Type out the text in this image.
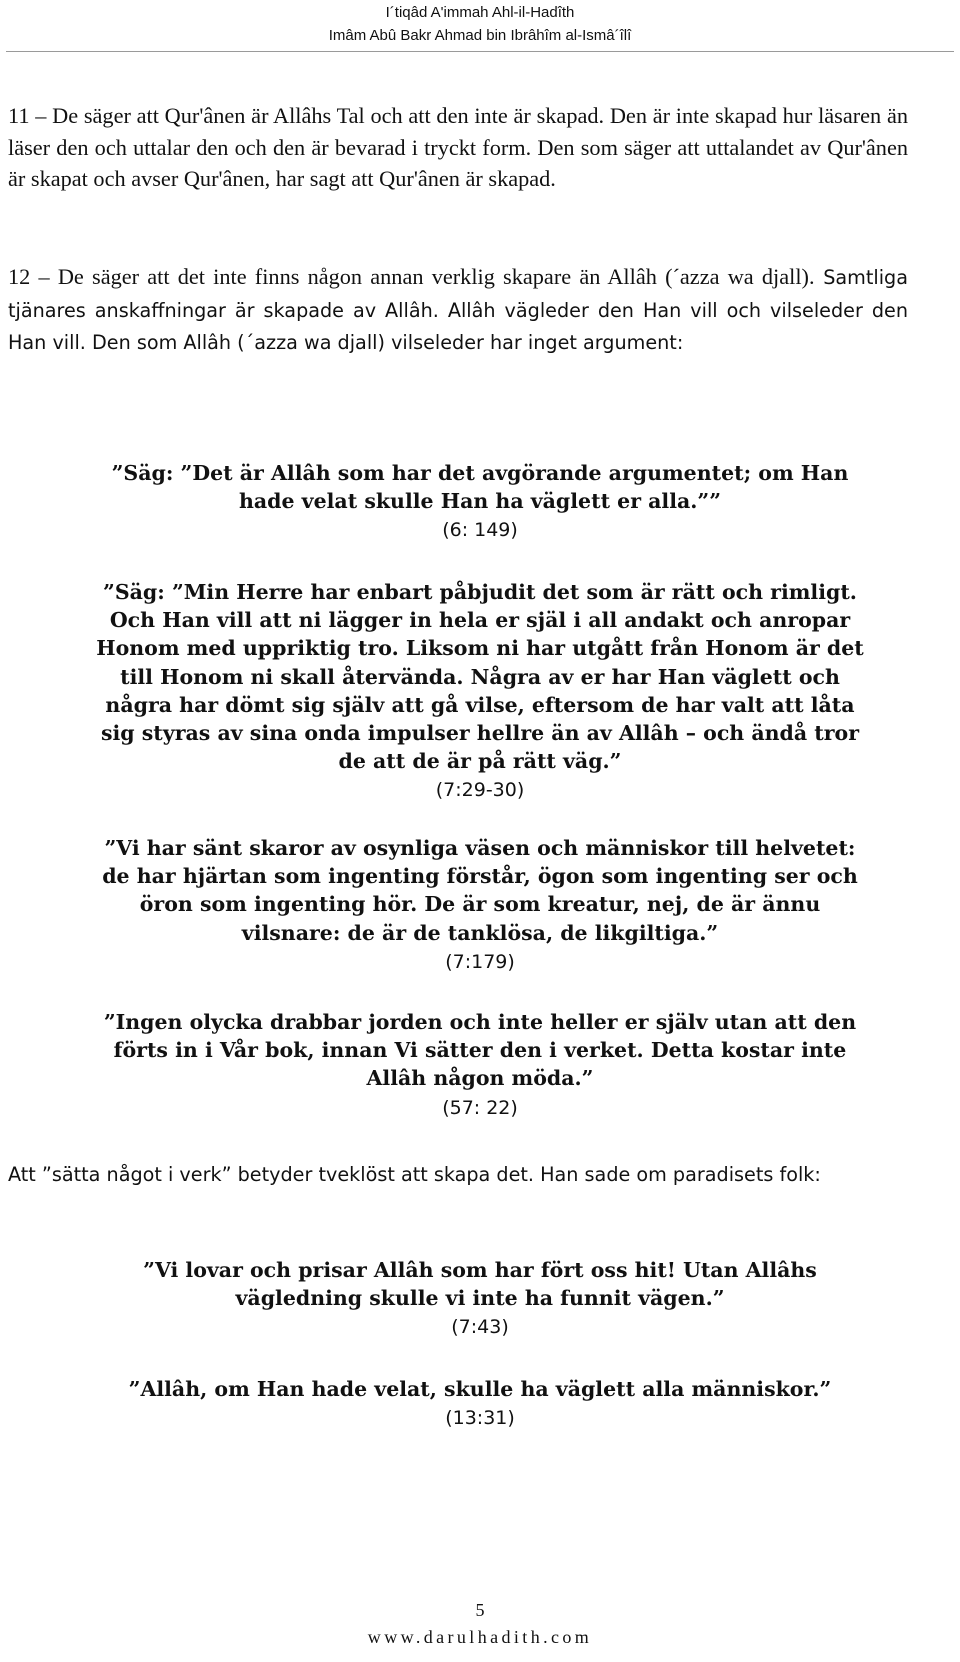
I´tiqâd A'immah Ahl-il-Hadîth
Imâm Abû Bakr Ahmad bin Ibrâhîm al-Ismâ´îlî

11 – De säger att Qur'ânen är Allâhs Tal och att den inte är skapad. Den är inte skapad hur läsaren än läser den och uttalar den och den är bevarad i tryckt form. Den som säger att uttalandet av Qur'ânen är skapat och avser Qur'ânen, har sagt att Qur'ânen är skapad.

12 – De säger att det inte finns någon annan verklig skapare än Allâh (´azza wa djall). Samtliga tjänares anskaffningar är skapade av Allâh. Allâh vägleder den Han vill och vilseleder den Han vill. Den som Allâh (´azza wa djall) vilseleder har inget argument:

”Säg: ”Det är Allâh som har det avgörande argumentet; om Han
hade velat skulle Han ha väglett er alla.””
(6: 149)
”Säg: ”Min Herre har enbart påbjudit det som är rätt och rimligt.
Och Han vill att ni lägger in hela er själ i all andakt och anropar
Honom med uppriktig tro. Liksom ni har utgått från Honom är det
till Honom ni skall återvända. Några av er har Han väglett och
några har dömt sig själv att gå vilse, eftersom de har valt att låta
sig styras av sina onda impulser hellre än av Allâh – och ändå tror
de att de är på rätt väg.”
(7:29-30)
”Vi har sänt skaror av osynliga väsen och människor till helvetet:
de har hjärtan som ingenting förstår, ögon som ingenting ser och
öron som ingenting hör. De är som kreatur, nej, de är ännu
vilsnare: de är de tanklösa, de likgiltiga.”
(7:179)
”Ingen olycka drabbar jorden och inte heller er själv utan att den
förts in i Vår bok, innan Vi sätter den i verket. Detta kostar inte
Allâh någon möda.”
(57: 22)

Att ”sätta något i verk” betyder tveklöst att skapa det. Han sade om paradisets folk:

”Vi lovar och prisar Allâh som har fört oss hit! Utan Allâhs
vägledning skulle vi inte ha funnit vägen.”
(7:43)
”Allâh, om Han hade velat, skulle ha väglett alla människor.”
(13:31)
5
www.darulhadith.com
